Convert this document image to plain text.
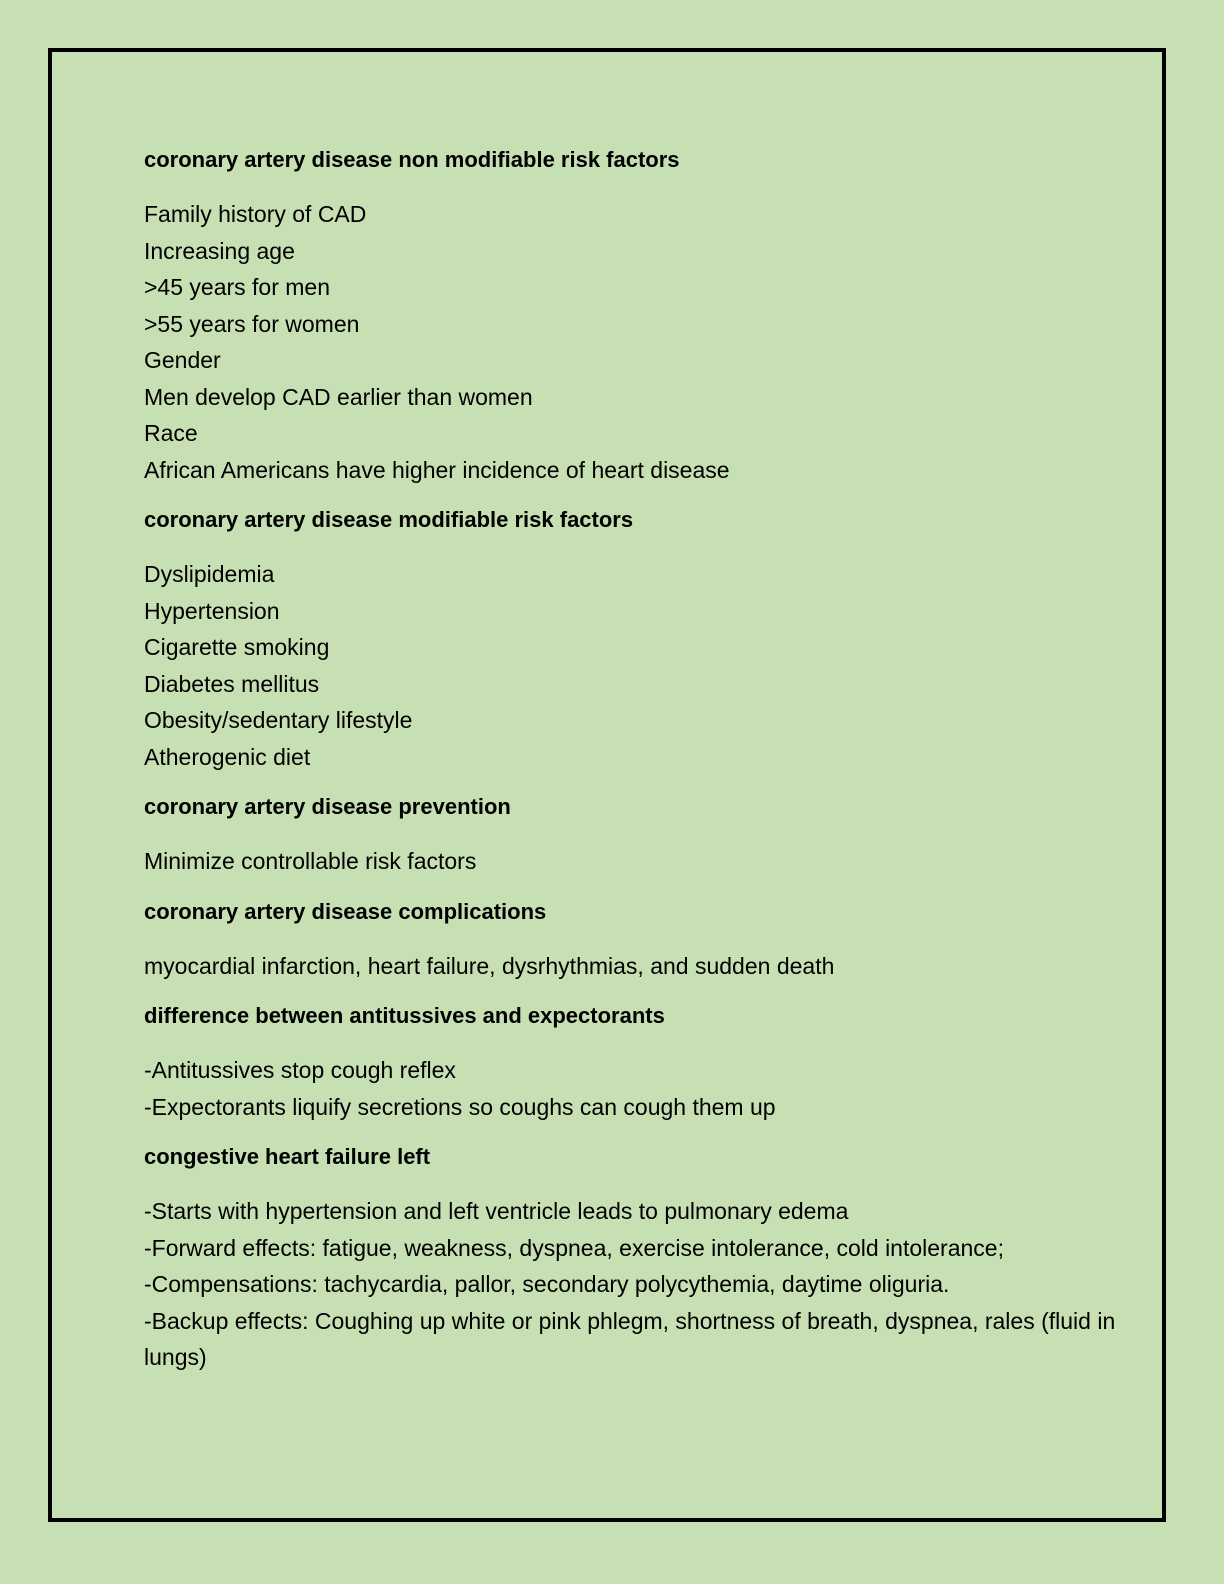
coronary artery disease non modifiable risk factors
Family history of CAD
Increasing age
>45 years for men
>55 years for women
Gender
Men develop CAD earlier than women
Race
African Americans have higher incidence of heart disease
coronary artery disease modifiable risk factors
Dyslipidemia
Hypertension
Cigarette smoking
Diabetes mellitus
Obesity/sedentary lifestyle
Atherogenic diet
coronary artery disease prevention
Minimize controllable risk factors
coronary artery disease complications
myocardial infarction, heart failure, dysrhythmias, and sudden death
difference between antitussives and expectorants
-Antitussives stop cough reflex
-Expectorants liquify secretions so coughs can cough them up
congestive heart failure left
-Starts with hypertension and left ventricle leads to pulmonary edema
-Forward effects: fatigue, weakness, dyspnea, exercise intolerance, cold intolerance;
-Compensations: tachycardia, pallor, secondary polycythemia, daytime oliguria.
-Backup effects: Coughing up white or pink phlegm, shortness of breath, dyspnea, rales (fluid in lungs)
